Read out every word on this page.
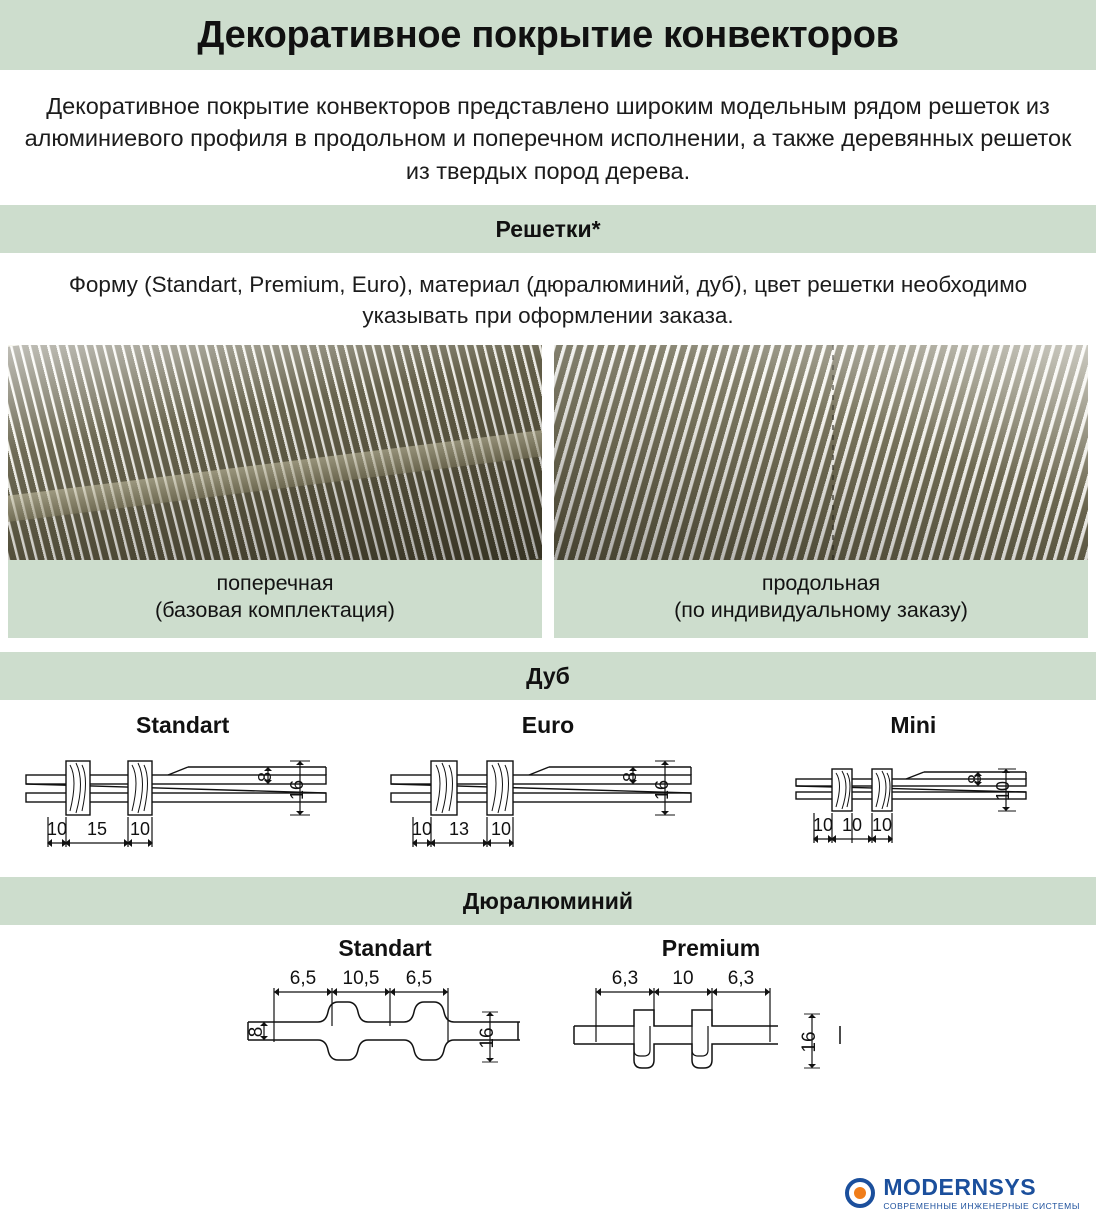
Декоративное покрытие конвекторов
Декоративное покрытие конвекторов представлено широким модельным рядом решеток из алюминиевого профиля в продольном и поперечном исполнении, а также деревянных решеток из твердых пород дерева.
Решетки*
Форму (Standart, Premium, Euro), материал (дюралюминий, дуб), цвет решетки необходимо указывать при оформлении заказа.
поперечная
(базовая комплектация)
продольная
(по индивидуальному заказу)
Дуб
Standart
8
16
10 15 10
Euro
8
16
10 13 10
Mini
8
10
10 10 10
Дюралюминий
Standart
6,5 10,5 6,5
8	16
Premium
6,3 10 6,3
16
MODERNSYS
СОВРЕМЕННЫЕ ИНЖЕНЕРНЫЕ СИСТЕМЫ
